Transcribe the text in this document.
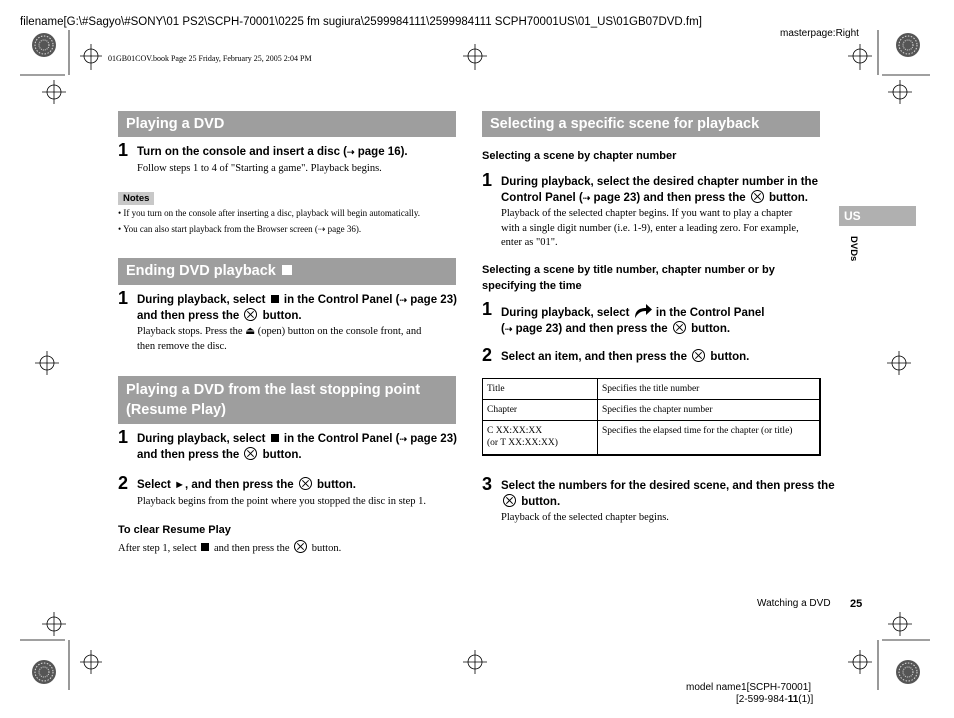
filename[G:\#Sagyo\#SONY\01 PS2\SCPH-70001\0225 fm sugiura\2599984111\2599984111 SCPH70001US\01_US\01GB07DVD.fm]
masterpage:Right
01GB01COV.book Page 25 Friday, February 25, 2005 2:04 PM
Playing a DVD
1 Turn on the console and insert a disc (⇢ page 16).
Follow steps 1 to 4 of "Starting a game". Playback begins.
Notes
• If you turn on the console after inserting a disc, playback will begin automatically.
• You can also start playback from the Browser screen (⇢ page 36).
Ending DVD playback
1 During playback, select in the Control Panel (⇢ page 23)
and then press the button.
Playback stops. Press the ⏏ (open) button on the console front, and
then remove the disc.
Playing a DVD from the last stopping point
(Resume Play)
1 During playback, select in the Control Panel (⇢ page 23)
and then press the button.
2 Select ►, and then press the button.
Playback begins from the point where you stopped the disc in step 1.
To clear Resume Play
After step 1, select and then press the button.
Selecting a specific scene for playback
Selecting a scene by chapter number
1 During playback, select the desired chapter number in the
Control Panel (⇢ page 23) and then press the button.
Playback of the selected chapter begins. If you want to play a chapter
with a single digit number (i.e. 1-9), enter a leading zero. For example,
enter as "01".
Selecting a scene by title number, chapter number or by
specifying the time
1 During playback, select in the Control Panel
(⇢ page 23) and then press the button.
2 Select an item, and then press the button.
Title	Specifies the title number
Chapter	Specifies the chapter number
C XX:XX:XX
(or T XX:XX:XX)	Specifies the elapsed time for the chapter (or title)
3 Select the numbers for the desired scene, and then press the
button.
Playback of the selected chapter begins.
US
DVDs
Watching a DVD 25
model name1[SCPH-70001]
[2-599-984-11(1)]
